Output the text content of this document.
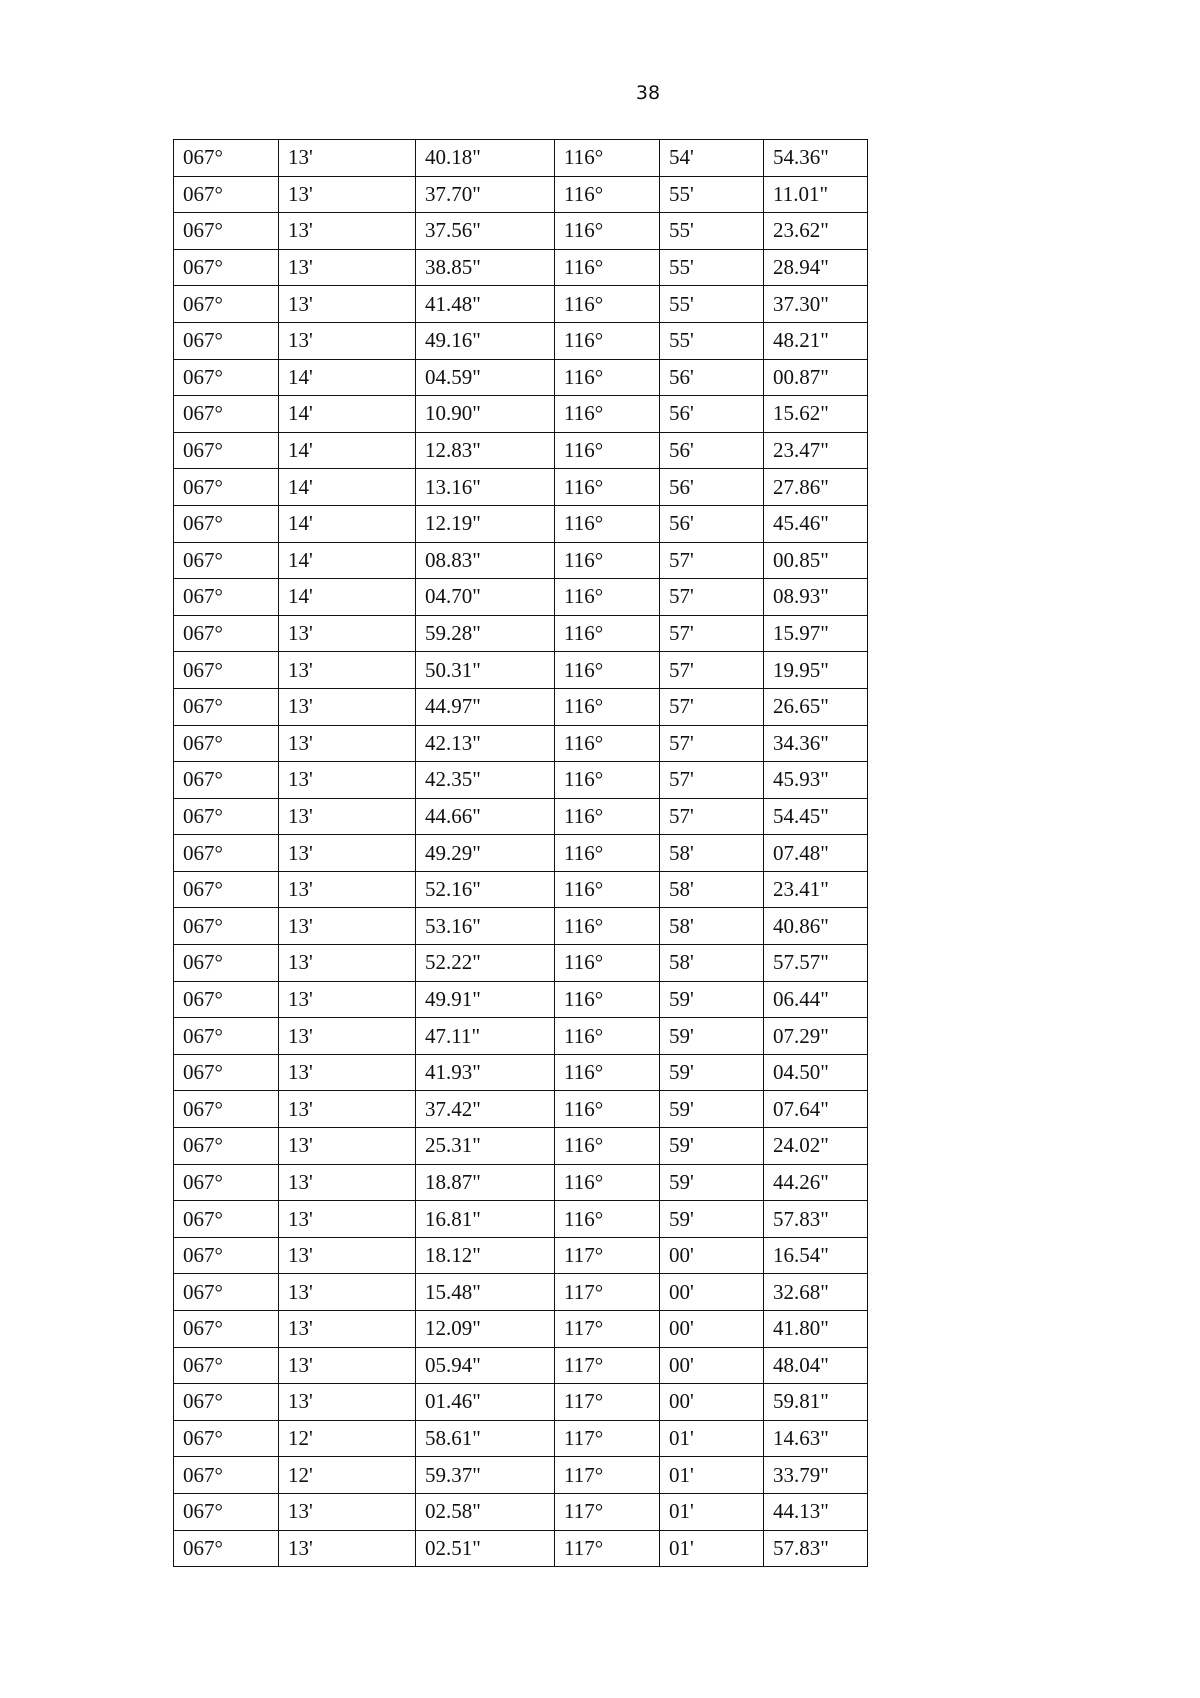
38
067°	13'	40.18"	116°	54'	54.36"
067°	13'	37.70"	116°	55'	11.01"
067°	13'	37.56"	116°	55'	23.62"
067°	13'	38.85"	116°	55'	28.94"
067°	13'	41.48"	116°	55'	37.30"
067°	13'	49.16"	116°	55'	48.21"
067°	14'	04.59"	116°	56'	00.87"
067°	14'	10.90"	116°	56'	15.62"
067°	14'	12.83"	116°	56'	23.47"
067°	14'	13.16"	116°	56'	27.86"
067°	14'	12.19"	116°	56'	45.46"
067°	14'	08.83"	116°	57'	00.85"
067°	14'	04.70"	116°	57'	08.93"
067°	13'	59.28"	116°	57'	15.97"
067°	13'	50.31"	116°	57'	19.95"
067°	13'	44.97"	116°	57'	26.65"
067°	13'	42.13"	116°	57'	34.36"
067°	13'	42.35"	116°	57'	45.93"
067°	13'	44.66"	116°	57'	54.45"
067°	13'	49.29"	116°	58'	07.48"
067°	13'	52.16"	116°	58'	23.41"
067°	13'	53.16"	116°	58'	40.86"
067°	13'	52.22"	116°	58'	57.57"
067°	13'	49.91"	116°	59'	06.44"
067°	13'	47.11"	116°	59'	07.29"
067°	13'	41.93"	116°	59'	04.50"
067°	13'	37.42"	116°	59'	07.64"
067°	13'	25.31"	116°	59'	24.02"
067°	13'	18.87"	116°	59'	44.26"
067°	13'	16.81"	116°	59'	57.83"
067°	13'	18.12"	117°	00'	16.54"
067°	13'	15.48"	117°	00'	32.68"
067°	13'	12.09"	117°	00'	41.80"
067°	13'	05.94"	117°	00'	48.04"
067°	13'	01.46"	117°	00'	59.81"
067°	12'	58.61"	117°	01'	14.63"
067°	12'	59.37"	117°	01'	33.79"
067°	13'	02.58"	117°	01'	44.13"
067°	13'	02.51"	117°	01'	57.83"
